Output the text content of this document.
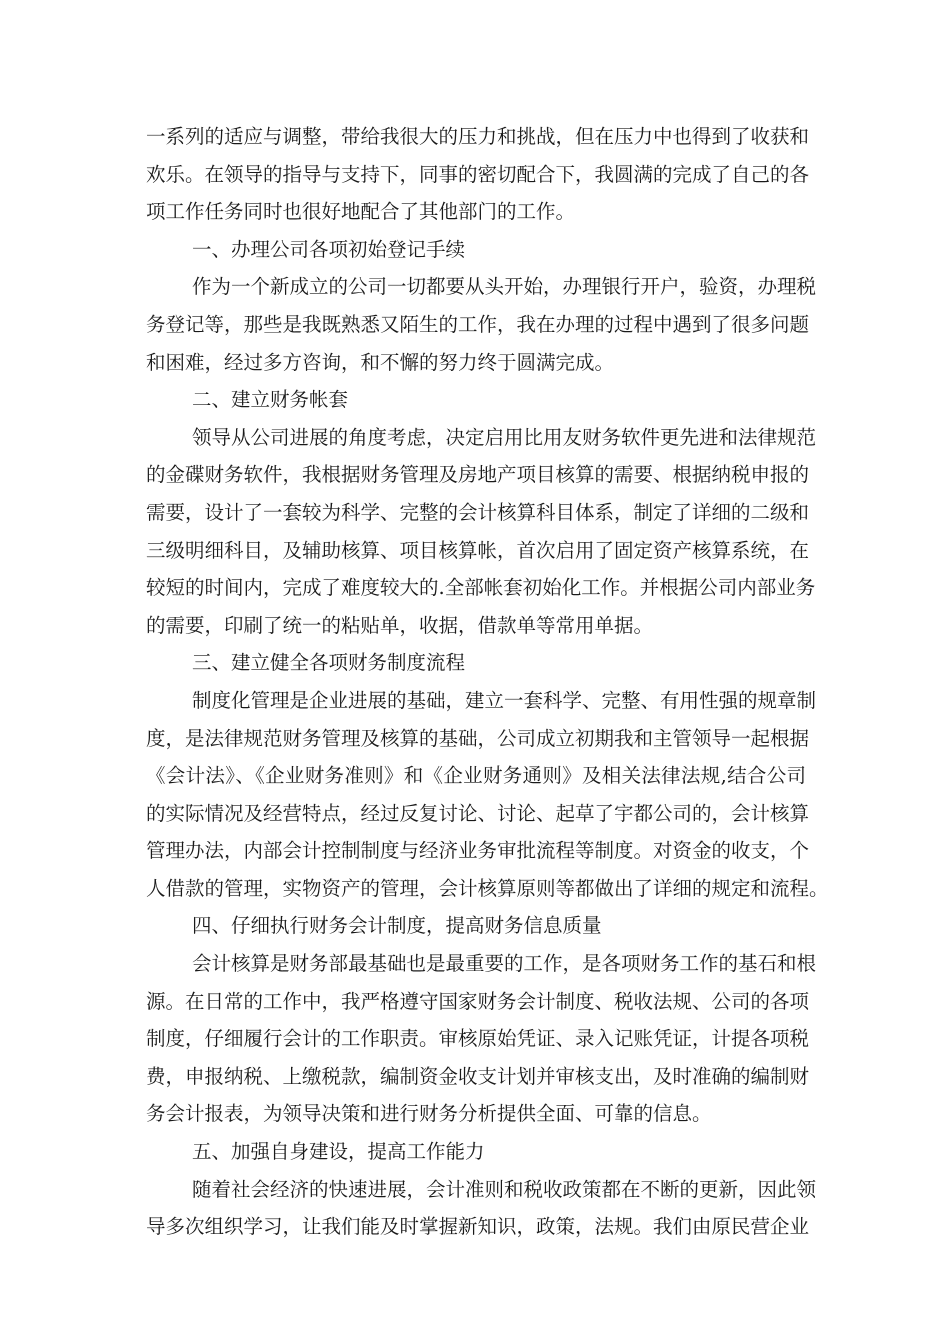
一系列的适应与调整，带给我很大的压力和挑战，但在压力中也得到了收获和
欢乐。在领导的指导与支持下，同事的密切配合下，我圆满的完成了自己的各
项工作任务同时也很好地配合了其他部门的工作。
一、办理公司各项初始登记手续
作为一个新成立的公司一切都要从头开始，办理银行开户，验资，办理税
务登记等，那些是我既熟悉又陌生的工作，我在办理的过程中遇到了很多问题
和困难，经过多方咨询，和不懈的努力终于圆满完成。
二、建立财务帐套
领导从公司进展的角度考虑，决定启用比用友财务软件更先进和法律规范
的金碟财务软件，我根据财务管理及房地产项目核算的需要、根据纳税申报的
需要，设计了一套较为科学、完整的会计核算科目体系，制定了详细的二级和
三级明细科目，及辅助核算、项目核算帐，首次启用了固定资产核算系统，在
较短的时间内，完成了难度较大的.全部帐套初始化工作。并根据公司内部业务
的需要，印刷了统一的粘贴单，收据，借款单等常用单据。
三、建立健全各项财务制度流程
制度化管理是企业进展的基础，建立一套科学、完整、有用性强的规章制
度，是法律规范财务管理及核算的基础，公司成立初期我和主管领导一起根据
《会计法》、《企业财务准则》和《企业财务通则》及相关法律法规,结合公司
的实际情况及经营特点，经过反复讨论、讨论、起草了宇都公司的，会计核算
管理办法，内部会计控制制度与经济业务审批流程等制度。对资金的收支，个
人借款的管理，实物资产的管理，会计核算原则等都做出了详细的规定和流程。
四、仔细执行财务会计制度，提高财务信息质量
会计核算是财务部最基础也是最重要的工作，是各项财务工作的基石和根
源。在日常的工作中，我严格遵守国家财务会计制度、税收法规、公司的各项
制度，仔细履行会计的工作职责。审核原始凭证、录入记账凭证，计提各项税
费，申报纳税、上缴税款，编制资金收支计划并审核支出，及时准确的编制财
务会计报表，为领导决策和进行财务分析提供全面、可靠的信息。
五、加强自身建设，提高工作能力
随着社会经济的快速进展，会计准则和税收政策都在不断的更新，因此领
导多次组织学习，让我们能及时掌握新知识，政策，法规。我们由原民营企业
